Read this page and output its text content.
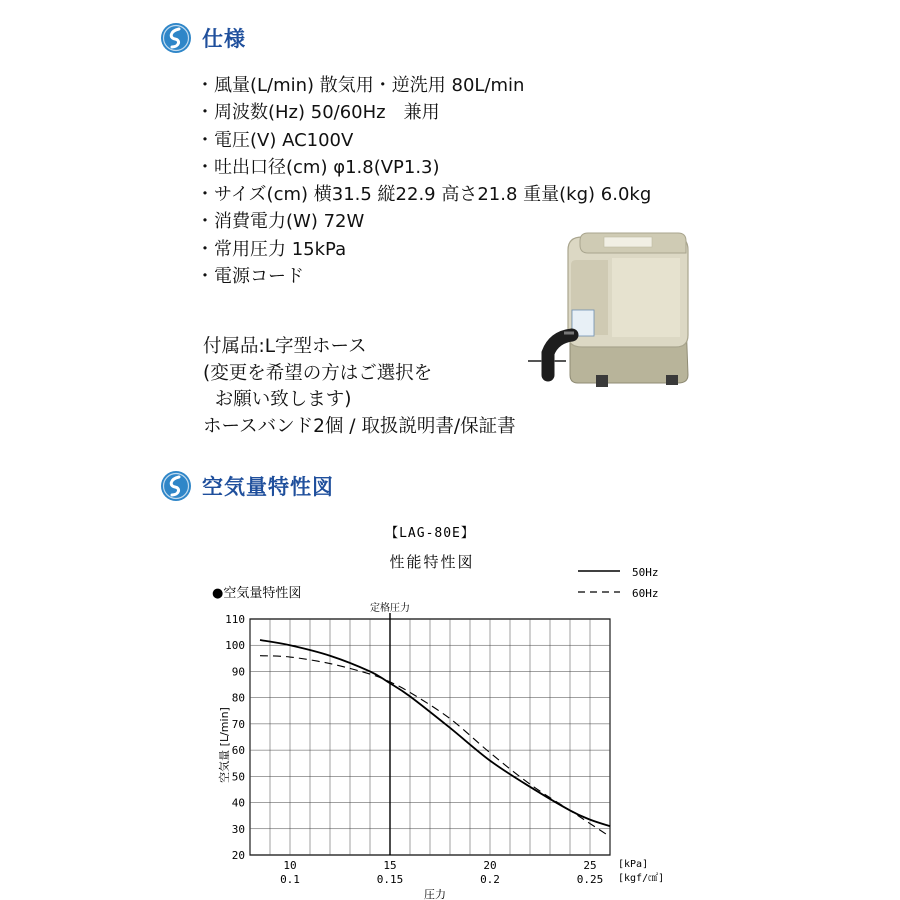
仕様
・風量(L/min) 散気用・逆洗用 80L/min
・周波数(Hz) 50/60Hz　兼用
・電圧(V) AC100V
・吐出口径(cm) φ1.8(VP1.3)
・サイズ(cm) 横31.5 縦22.9 高さ21.8 重量(kg) 6.0kg
・消費電力(W) 72W
・常用圧力 15kPa
・電源コード
付属品:L字型ホース
(変更を希望の方はご選択を
お願い致します)
ホースバンド2個 / 取扱説明書/保証書
空気量特性図
【LAG-80E】
性能特性図
●空気量特性図
50Hz
60Hz
定格圧力
空気量 [L/min]
20
30
40
50
60
70
80
90
100
110
10
0.1
15
0.15
20
0.2
25
0.25
[kPa]
[kgf/㎠]
圧力
